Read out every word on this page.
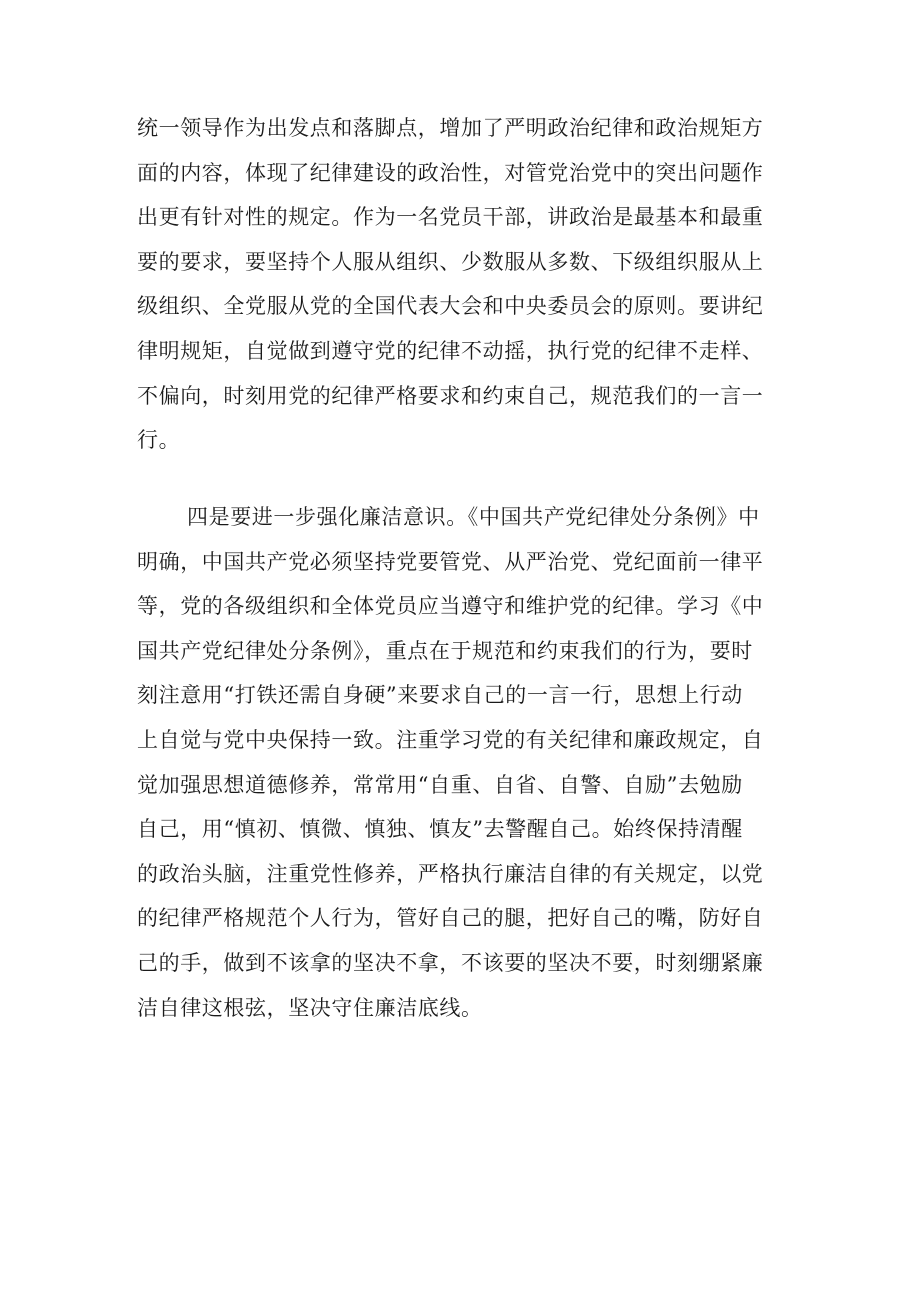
统一领导作为出发点和落脚点，增加了严明政治纪律和政治规矩方
面的内容，体现了纪律建设的政治性，对管党治党中的突出问题作
出更有针对性的规定。作为一名党员干部，讲政治是最基本和最重
要的要求，要坚持个人服从组织、少数服从多数、下级组织服从上
级组织、全党服从党的全国代表大会和中央委员会的原则。要讲纪
律明规矩，自觉做到遵守党的纪律不动摇，执行党的纪律不走样、
不偏向，时刻用党的纪律严格要求和约束自己，规范我们的一言一
行。
四是要进一步强化廉洁意识。《中国共产党纪律处分条例》中
明确，中国共产党必须坚持党要管党、从严治党、党纪面前一律平
等，党的各级组织和全体党员应当遵守和维护党的纪律。学习《中
国共产党纪律处分条例》，重点在于规范和约束我们的行为，要时
刻注意用“打铁还需自身硬”来要求自己的一言一行，思想上行动
上自觉与党中央保持一致。注重学习党的有关纪律和廉政规定，自
觉加强思想道德修养，常常用“自重、自省、自警、自励”去勉励
自己，用“慎初、慎微、慎独、慎友”去警醒自己。始终保持清醒
的政治头脑，注重党性修养，严格执行廉洁自律的有关规定，以党
的纪律严格规范个人行为，管好自己的腿，把好自己的嘴，防好自
己的手，做到不该拿的坚决不拿，不该要的坚决不要，时刻绷紧廉
洁自律这根弦，坚决守住廉洁底线。
